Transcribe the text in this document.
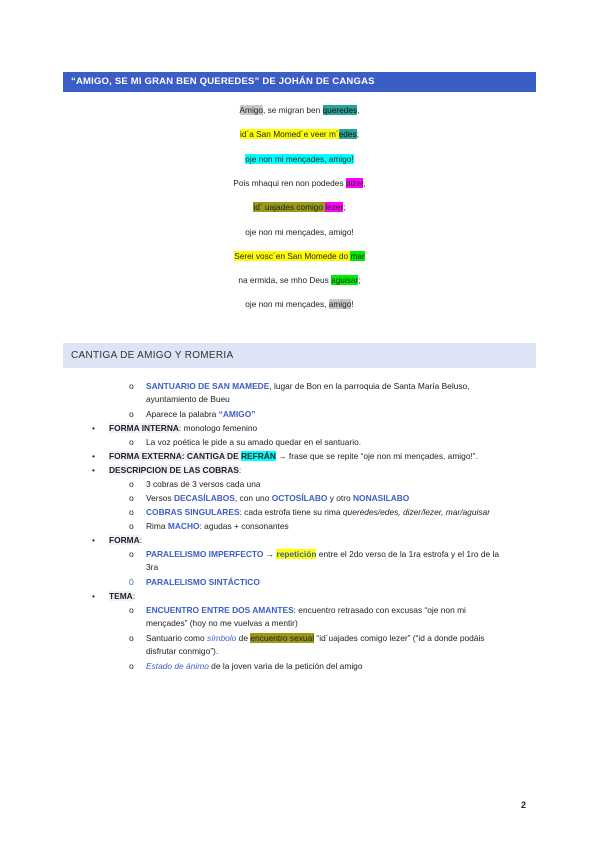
“AMIGO, SE MI GRAN BEN QUEREDES” DE JOHÁN DE CANGAS
Amigo, se migran ben queredes,
id´a San Momed´e veer m´edes;
oje non mi mençades, amigo!
Pois mhaqui ren non podedes dizer,
id´ uajades comigo lezer;
oje non mi mençades, amigo!
Serei vosc´en San Momede do mar
na ermida, se mho Deus aguisar;
oje non mi mençades, amigo!
CANTIGA DE AMIGO Y ROMERIA
o SANTUARIO DE SAN MAMEDE, lugar de Bon en la parroquia de Santa María Beluso,
ayuntamiento de Bueu
o Aparece la palabra “AMIGO”
• FORMA INTERNA: monologo femenino
o La voz poética le pide a su amado quedar en el santuario.
• FORMA EXTERNA: CANTIGA DE REFRÁN → frase que se repite “oje non mi mençades, amigo!”.
• DESCRIPCION DE LAS COBRAS:
o 3 cobras de 3 versos cada una
o Versos DECASÍLABOS, con uno OCTOSÍLABO y otro NONASILABO
o COBRAS SINGULARES: cada estrofa tiene su rima queredes/edes, dizer/lezer, mar/aguisar
o Rima MACHO: agudas + consonantes
• FORMA:
o PARALELISMO IMPERFECTO → repetición entre el 2do verso de la 1ra estrofa y el 1ro de la
3ra
0 PARALELISMO SINTÁCTICO
• TEMA:
o ENCUENTRO ENTRE DOS AMANTES: encuentro retrasado con excusas “oje non mi
mençades” (hoy no me vuelvas a mentir)
o Santuario como símbolo de encuentro sexual “id´uajades comigo lezer” (“id a donde podáis
disfrutar conmigo”).
o Estado de ánimo de la joven varia de la petición del amigo
2
